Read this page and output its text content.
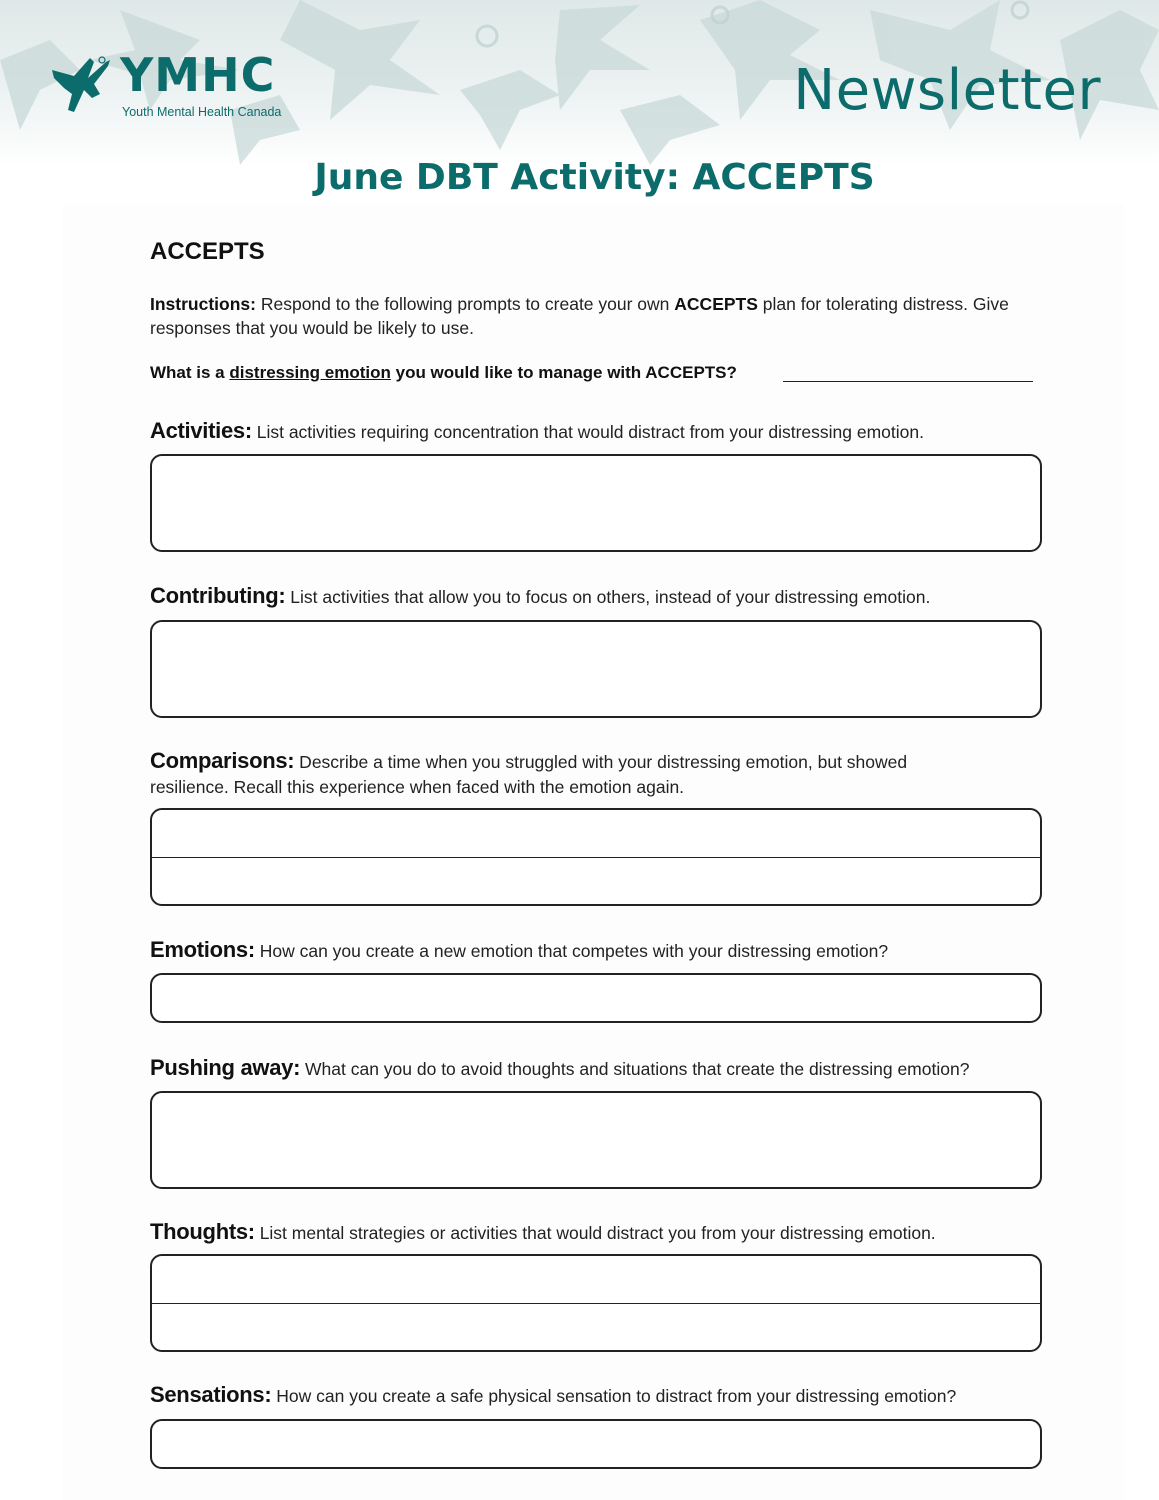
YMHC
Youth Mental Health Canada	Newsletter
June DBT Activity: ACCEPTS
ACCEPTS
Instructions: Respond to the following prompts to create your own ACCEPTS plan for tolerating distress. Give responses that you would be likely to use.
What is a distressing emotion you would like to manage with ACCEPTS?
Activities: List activities requiring concentration that would distract from your distressing emotion.
Contributing: List activities that allow you to focus on others, instead of your distressing emotion.
Comparisons: Describe a time when you struggled with your distressing emotion, but showed resilience. Recall this experience when faced with the emotion again.
Emotions: How can you create a new emotion that competes with your distressing emotion?
Pushing away: What can you do to avoid thoughts and situations that create the distressing emotion?
Thoughts: List mental strategies or activities that would distract you from your distressing emotion.
Sensations: How can you create a safe physical sensation to distract from your distressing emotion?
